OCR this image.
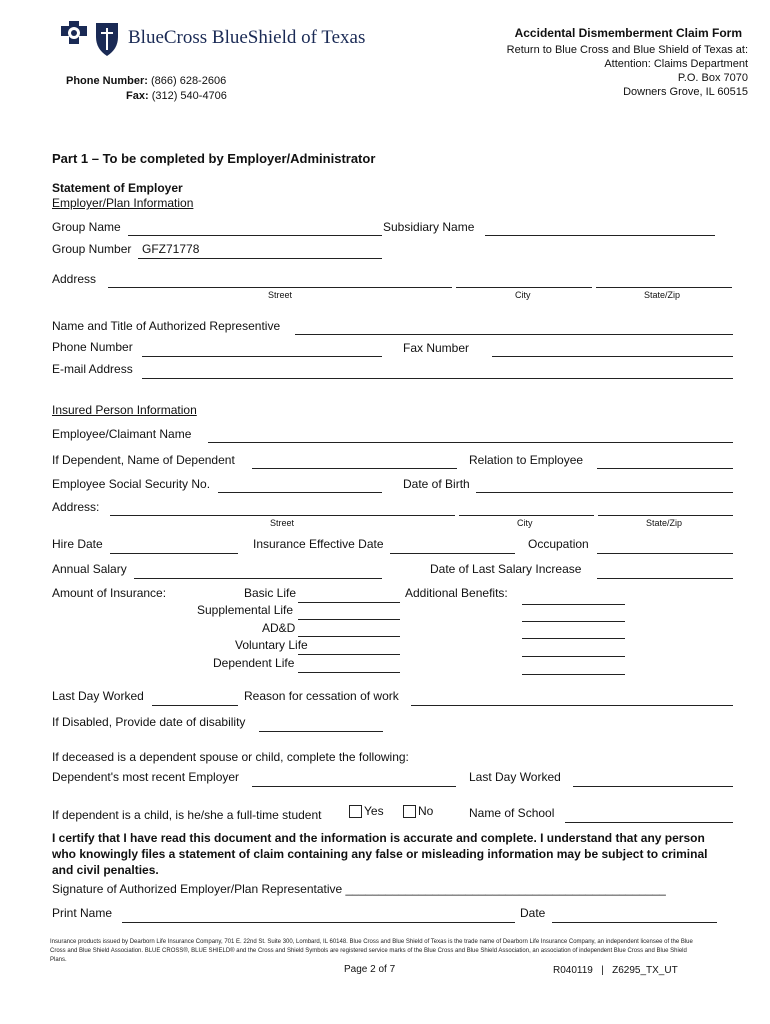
BlueCross BlueShield of Texas	Accidental Dismemberment Claim Form
Return to Blue Cross and Blue Shield of Texas at:
Attention: Claims Department
P.O. Box 7070
Downers Grove, IL 60515
Phone Number: (866) 628-2606
Fax: (312) 540-4706
Part 1 – To be completed by Employer/Administrator
Statement of Employer
Employer/Plan Information
Group Name	Subsidiary Name
Group Number GFZ71778
Address
Street	City	State/Zip
Name and Title of Authorized Representive
Phone Number	Fax Number
E-mail Address
Insured Person Information
Employee/Claimant Name
If Dependent, Name of Dependent	Relation to Employee
Employee Social Security No.	Date of Birth
Address:
Street	City	State/Zip
Hire Date	Insurance Effective Date	Occupation
Annual Salary	Date of Last Salary Increase
Amount of Insurance:	Basic Life
Supplemental Life
AD&D
Voluntary Life
Dependent Life
Additional Benefits:
Last Day Worked	Reason for cessation of work
If Disabled, Provide date of disability
If deceased is a dependent spouse or child, complete the following:
Dependent's most recent Employer	Last Day Worked
If dependent is a child, is he/she a full-time student	Yes	No	Name of School
I certify that I have read this document and the information is accurate and complete. I understand that any person who knowingly files a statement of claim containing any false or misleading information may be subject to criminal and civil penalties.
Signature of Authorized Employer/Plan Representative ________________________________________________
Print Name	Date
Insurance products issued by Dearborn Life Insurance Company, 701 E. 22nd St. Suite 300, Lombard, IL 60148. Blue Cross and Blue Shield of Texas is the trade name of Dearborn Life Insurance Company, an independent licensee of the Blue Cross and Blue Shield Association. BLUE CROSS®, BLUE SHIELD® and the Cross and Shield Symbols are registered service marks of the Blue Cross and Blue Shield Association, an association of independent Blue Cross and Blue Shield Plans.
Page 2 of 7	R040119   |   Z6295_TX_UT
